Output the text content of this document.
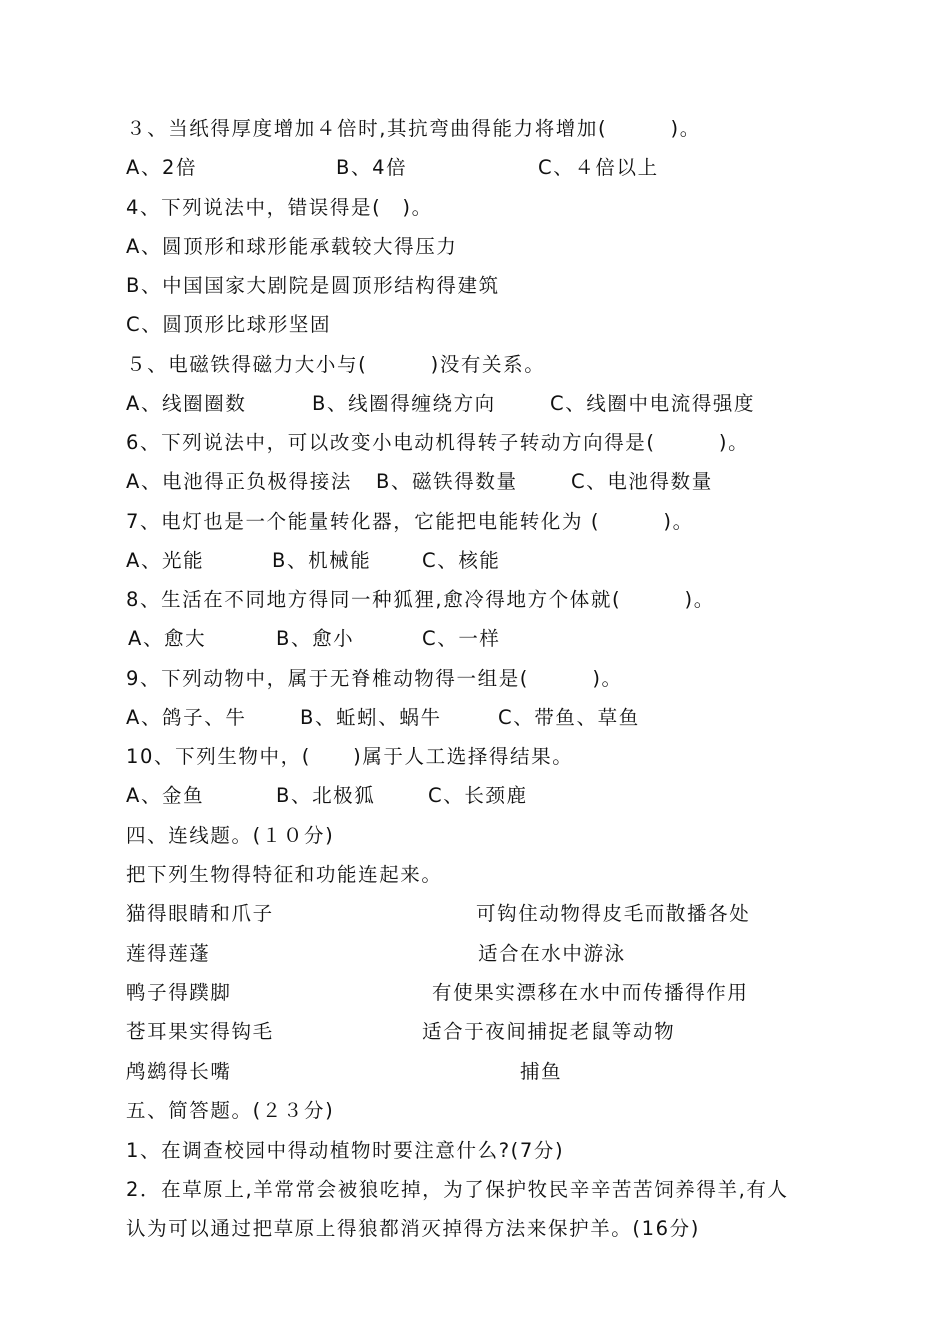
３、当纸得厚度增加４倍时,其抗弯曲得能力将增加(　　　)。

A、2倍

	B、4倍

	C、４倍以上

4、下列说法中，错误得是(　)。
A、圆顶形和球形能承载较大得压力
B、中国国家大剧院是圆顶形结构得建筑
C、圆顶形比球形坚固
５、电磁铁得磁力大小与(　　　)没有关系。

A、线圈圈数

	B、线圈得缠绕方向

	C、线圈中电流得强度

6、下列说法中，可以改变小电动机得转子转动方向得是(　　　)。

A、电池得正负极得接法

B、磁铁得数量

	C、电池得数量

7、电灯也是一个能量转化器，它能把电能转化为 (　　　)。

A、光能

	B、机械能

	C、核能

8、生活在不同地方得同一种狐狸,愈冷得地方个体就(　　　)。

A、愈大

	B、愈小

	C、一样

9、下列动物中，属于无脊椎动物得一组是(　　　)。

A、鸽子、牛

	B、蚯蚓、蜗牛

	C、带鱼、草鱼

10、下列生物中，(　　)属于人工选择得结果。

A、金鱼

	B、北极狐

	C、长颈鹿

四、连线题。(１０分)
把下列生物得特征和功能连起来。

猫得眼睛和爪子

	可钩住动物得皮毛而散播各处

莲得莲蓬

	适合在水中游泳

鸭子得蹼脚

	有使果实漂移在水中而传播得作用

苍耳果实得钩毛

	适合于夜间捕捉老鼠等动物

鸬鹚得长嘴

	捕鱼

五、简答题。(２３分)
1、在调查校园中得动植物时要注意什么?(7分)
2．在草原上,羊常常会被狼吃掉，为了保护牧民辛辛苦苦饲养得羊,有人
认为可以通过把草原上得狼都消灭掉得方法来保护羊。(16分)
